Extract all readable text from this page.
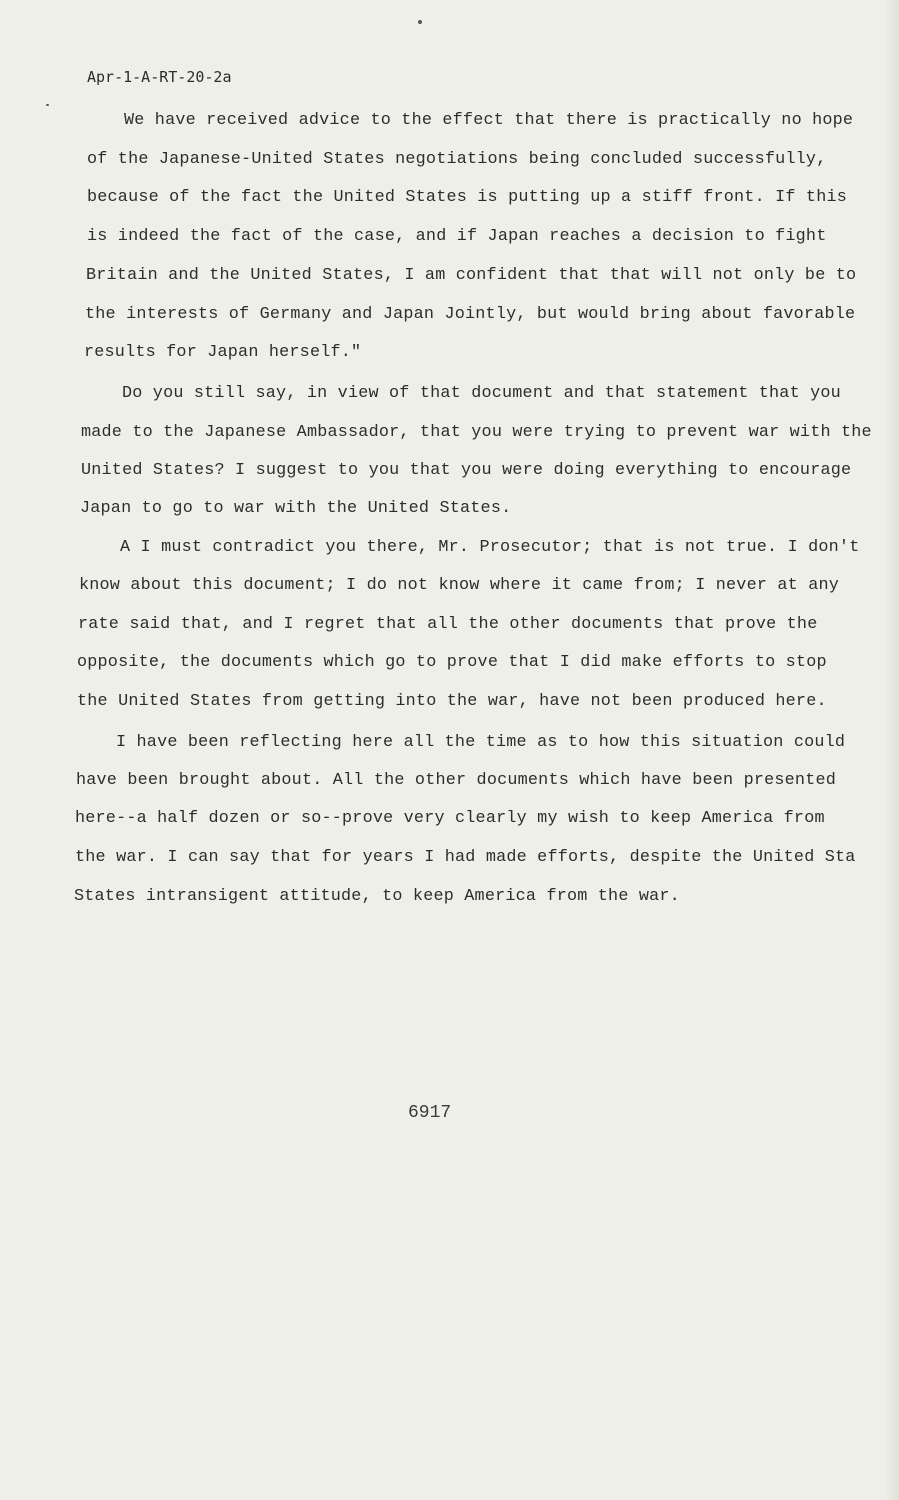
Apr-1-A-RT-20-2a
We have received advice to the effect that there is practically no hope
of the Japanese-United States negotiations being concluded successfully,
because of the fact the United States is putting up a stiff front. If this
is indeed the fact of the case, and if Japan reaches a decision to fight
Britain and the United States, I am confident that that will not only be to
the interests of Germany and Japan Jointly, but would bring about favorable
results for Japan herself."
Do you still say, in view of that document and that statement that you
made to the Japanese Ambassador, that you were trying to prevent war with the
United States? I suggest to you that you were doing everything to encourage
Japan to go to war with the United States.
A I must contradict you there, Mr. Prosecutor; that is not true. I don't
know about this document; I do not know where it came from; I never at any
rate said that, and I regret that all the other documents that prove the
opposite, the documents which go to prove that I did make efforts to stop
the United States from getting into the war, have not been produced here.
I have been reflecting here all the time as to how this situation could
have been brought about. All the other documents which have been presented
here--a half dozen or so--prove very clearly my wish to keep America from
the war. I can say that for years I had made efforts, despite the United Sta
States intransigent attitude, to keep America from the war.
6917
